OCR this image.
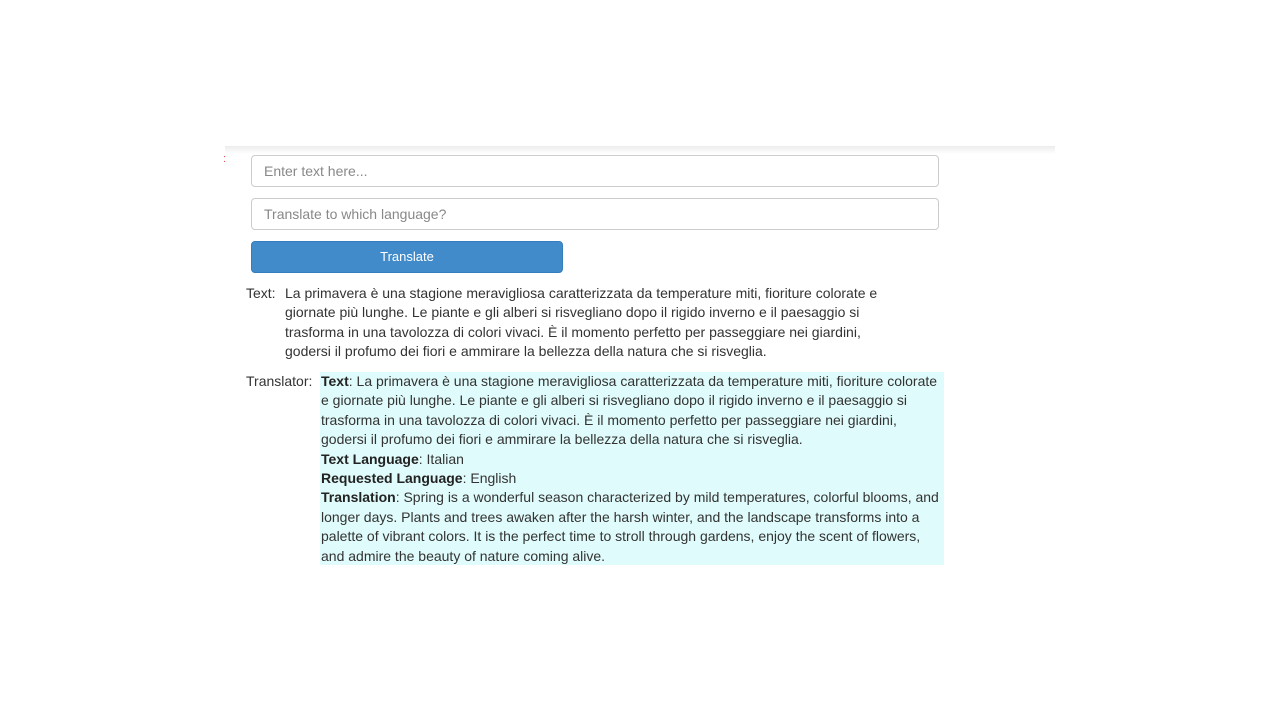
:
Enter text here...
Translate to which language?
Translate
Text: La primavera è una stagione meravigliosa caratterizzata da temperature miti, fioriture colorate e giornate più lunghe. Le piante e gli alberi si risvegliano dopo il rigido inverno e il paesaggio si trasforma in una tavolozza di colori vivaci. È il momento perfetto per passeggiare nei giardini, godersi il profumo dei fiori e ammirare la bellezza della natura che si risveglia.
Translator: Text: La primavera è una stagione meravigliosa caratterizzata da temperature miti, fioriture colorate e giornate più lunghe. Le piante e gli alberi si risvegliano dopo il rigido inverno e il paesaggio si trasforma in una tavolozza di colori vivaci. È il momento perfetto per passeggiare nei giardini, godersi il profumo dei fiori e ammirare la bellezza della natura che si risveglia.
Text Language: Italian
Requested Language: English
Translation: Spring is a wonderful season characterized by mild temperatures, colorful blooms, and longer days. Plants and trees awaken after the harsh winter, and the landscape transforms into a palette of vibrant colors. It is the perfect time to stroll through gardens, enjoy the scent of flowers, and admire the beauty of nature coming alive.
